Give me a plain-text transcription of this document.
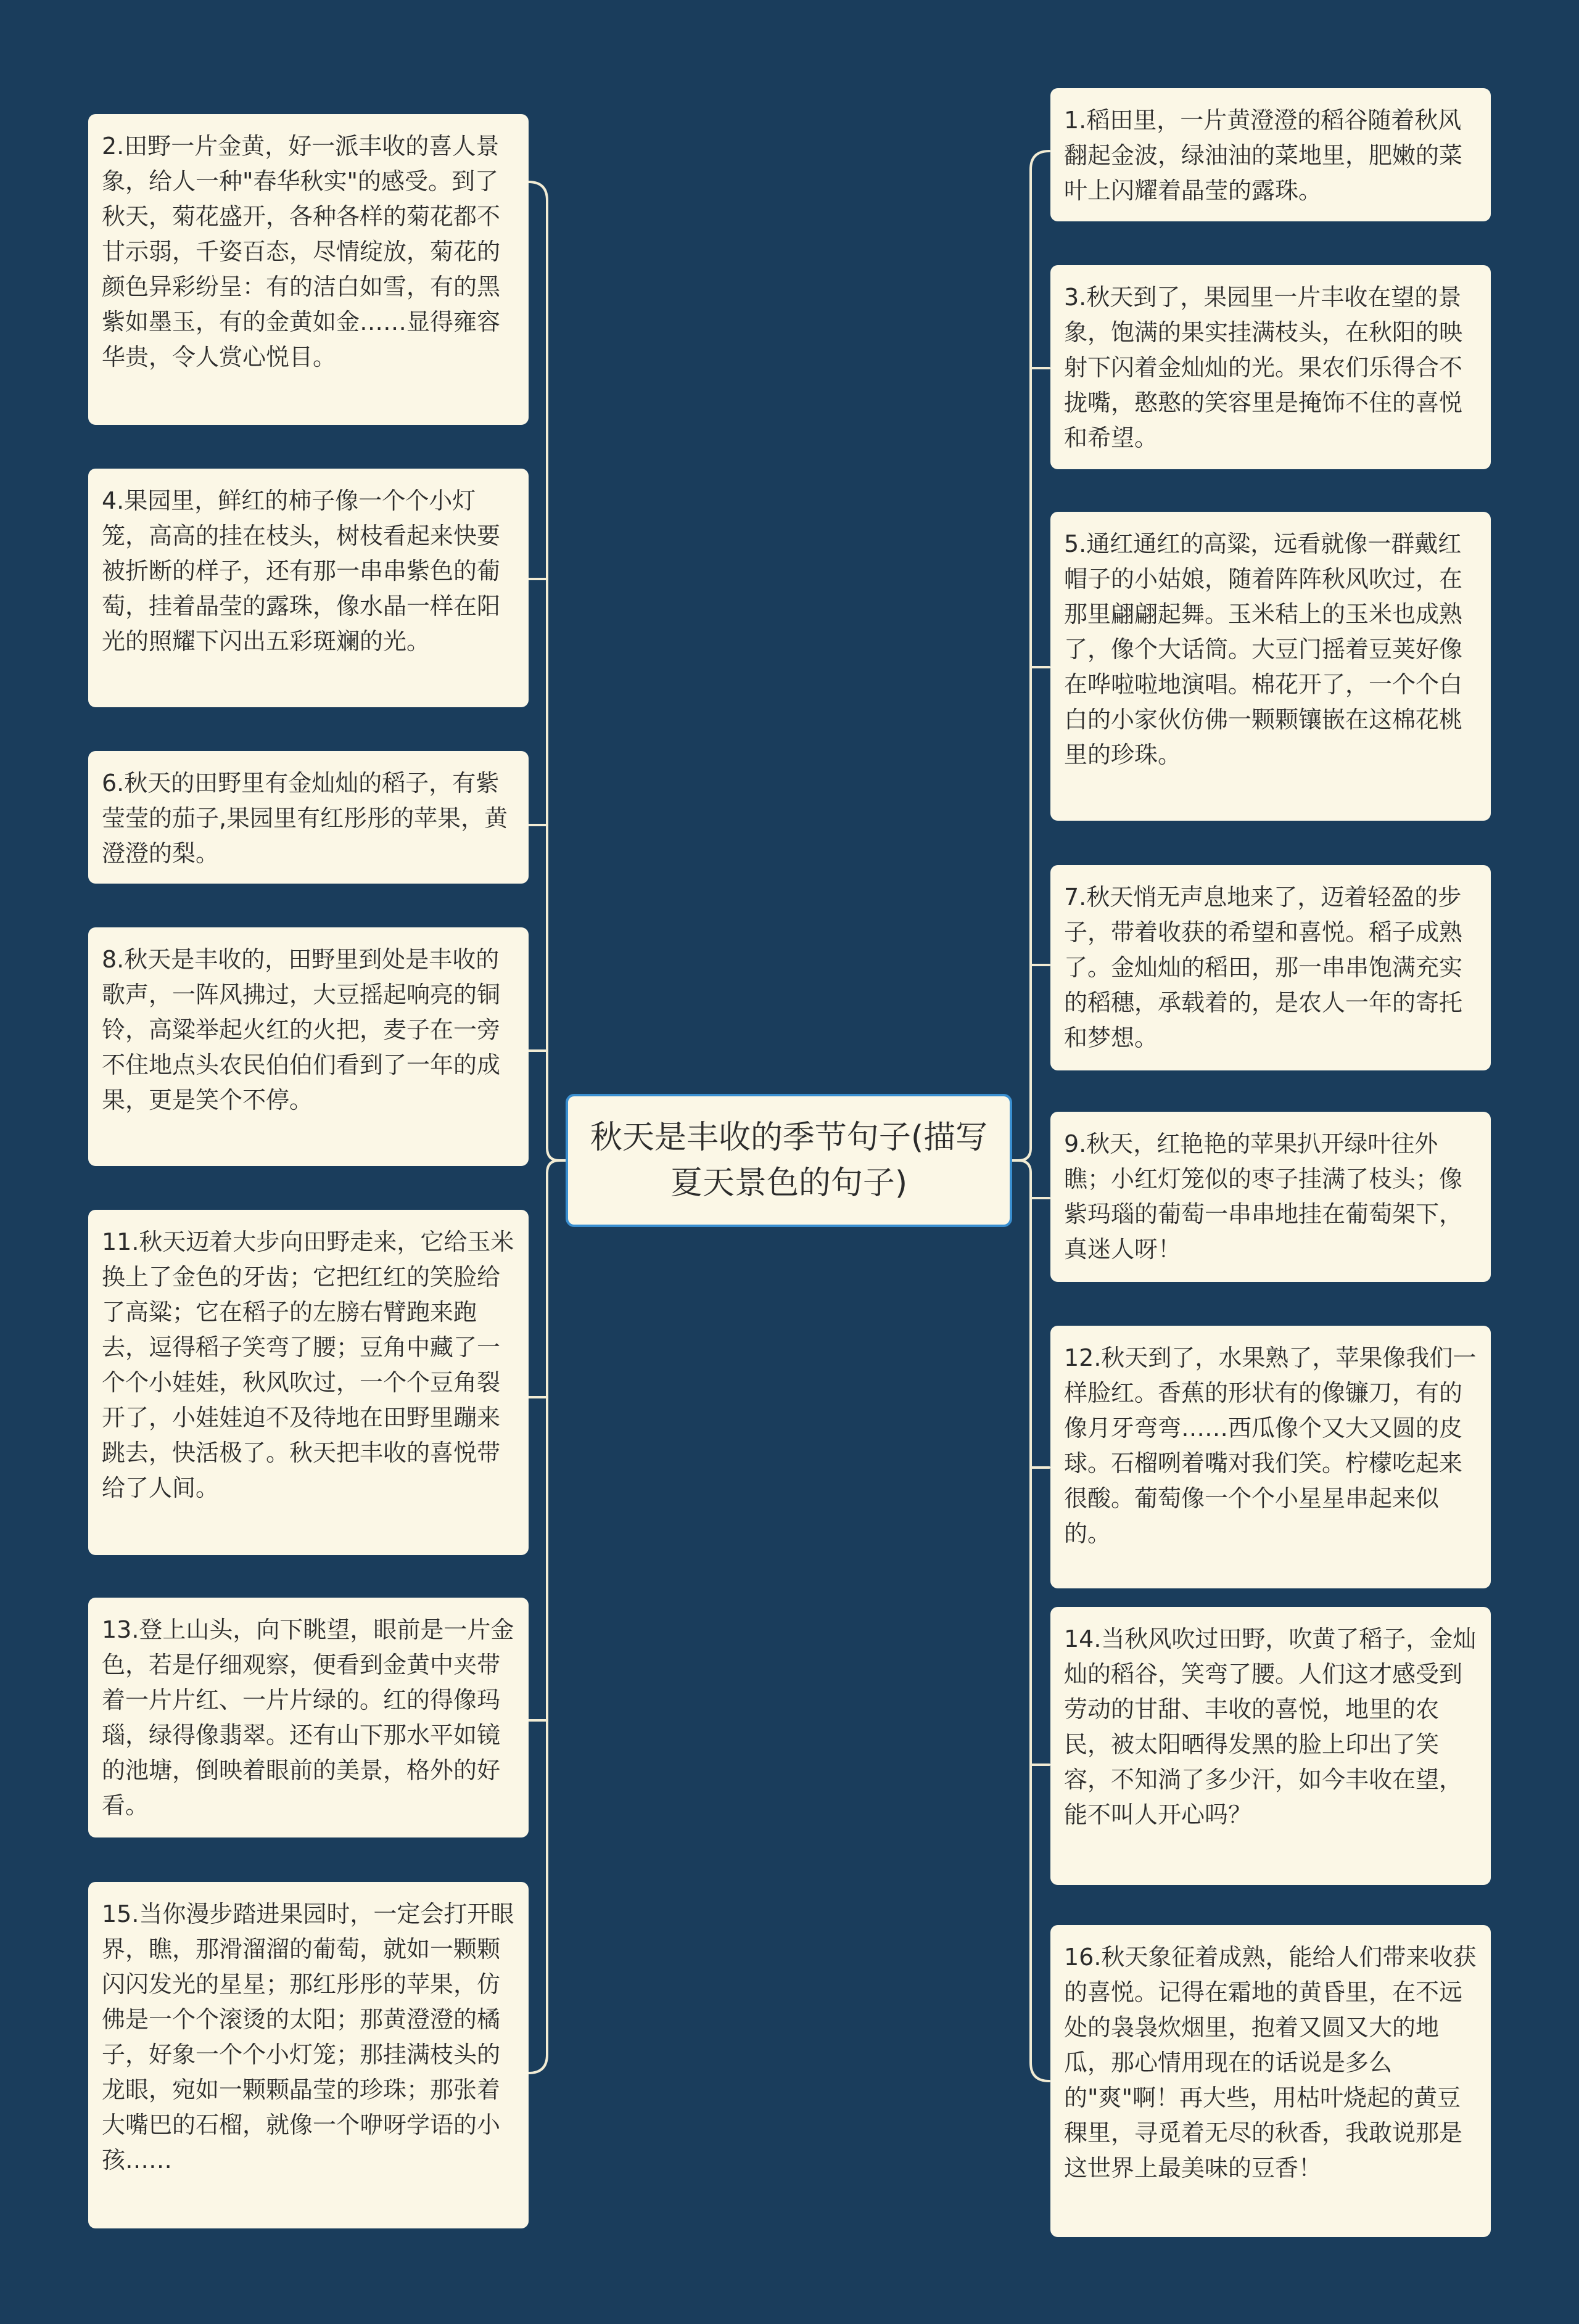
秋天是丰收的季节句子(描写夏天景色的句子)
2.田野一片金黄，好一派丰收的喜人景象，给人一种"春华秋实"的感受。到了秋天，菊花盛开，各种各样的菊花都不甘示弱，千姿百态，尽情绽放，菊花的颜色异彩纷呈：有的洁白如雪，有的黑紫如墨玉，有的金黄如金……显得雍容华贵，令人赏心悦目。
4.果园里，鲜红的柿子像一个个小灯笼，高高的挂在枝头，树枝看起来快要被折断的样子，还有那一串串紫色的葡萄，挂着晶莹的露珠，像水晶一样在阳光的照耀下闪出五彩斑斓的光。
6.秋天的田野里有金灿灿的稻子，有紫莹莹的茄子,果园里有红彤彤的苹果，黄澄澄的梨。
8.秋天是丰收的，田野里到处是丰收的歌声，一阵风拂过，大豆摇起响亮的铜铃，高粱举起火红的火把，麦子在一旁不住地点头农民伯伯们看到了一年的成果，更是笑个不停。
11.秋天迈着大步向田野走来，它给玉米换上了金色的牙齿；它把红红的笑脸给了高粱；它在稻子的左膀右臂跑来跑去，逗得稻子笑弯了腰；豆角中藏了一个个小娃娃，秋风吹过，一个个豆角裂开了，小娃娃迫不及待地在田野里蹦来跳去，快活极了。秋天把丰收的喜悦带给了人间。
13.登上山头，向下眺望，眼前是一片金色，若是仔细观察，便看到金黄中夹带着一片片红、一片片绿的。红的得像玛瑙，绿得像翡翠。还有山下那水平如镜的池塘，倒映着眼前的美景，格外的好看。
15.当你漫步踏进果园时，一定会打开眼界，瞧，那滑溜溜的葡萄，就如一颗颗闪闪发光的星星；那红彤彤的苹果，仿佛是一个个滚烫的太阳；那黄澄澄的橘子，好象一个个小灯笼；那挂满枝头的龙眼，宛如一颗颗晶莹的珍珠；那张着大嘴巴的石榴，就像一个咿呀学语的小孩……
1.稻田里，一片黄澄澄的稻谷随着秋风翻起金波，绿油油的菜地里，肥嫩的菜叶上闪耀着晶莹的露珠。
3.秋天到了，果园里一片丰收在望的景象，饱满的果实挂满枝头，在秋阳的映射下闪着金灿灿的光。果农们乐得合不拢嘴，憨憨的笑容里是掩饰不住的喜悦和希望。
5.通红通红的高粱，远看就像一群戴红帽子的小姑娘，随着阵阵秋风吹过，在那里翩翩起舞。玉米秸上的玉米也成熟了，像个大话筒。大豆门摇着豆荚好像在哗啦啦地演唱。棉花开了，一个个白白的小家伙仿佛一颗颗镶嵌在这棉花桃里的珍珠。
7.秋天悄无声息地来了，迈着轻盈的步子，带着收获的希望和喜悦。稻子成熟了。金灿灿的稻田，那一串串饱满充实的稻穗，承载着的，是农人一年的寄托和梦想。
9.秋天，红艳艳的苹果扒开绿叶往外瞧；小红灯笼似的枣子挂满了枝头；像紫玛瑙的葡萄一串串地挂在葡萄架下，真迷人呀！
12.秋天到了，水果熟了，苹果像我们一样脸红。香蕉的形状有的像镰刀，有的像月牙弯弯……西瓜像个又大又圆的皮球。石榴咧着嘴对我们笑。柠檬吃起来很酸。葡萄像一个个小星星串起来似的。
14.当秋风吹过田野，吹黄了稻子，金灿灿的稻谷，笑弯了腰。人们这才感受到劳动的甘甜、丰收的喜悦，地里的农民，被太阳晒得发黑的脸上印出了笑容，不知淌了多少汗，如今丰收在望，能不叫人开心吗？
16.秋天象征着成熟，能给人们带来收获的喜悦。记得在霜地的黄昏里，在不远处的袅袅炊烟里，抱着又圆又大的地瓜，那心情用现在的话说是多么的"爽"啊！再大些，用枯叶烧起的黄豆稞里，寻觅着无尽的秋香，我敢说那是这世界上最美味的豆香！
